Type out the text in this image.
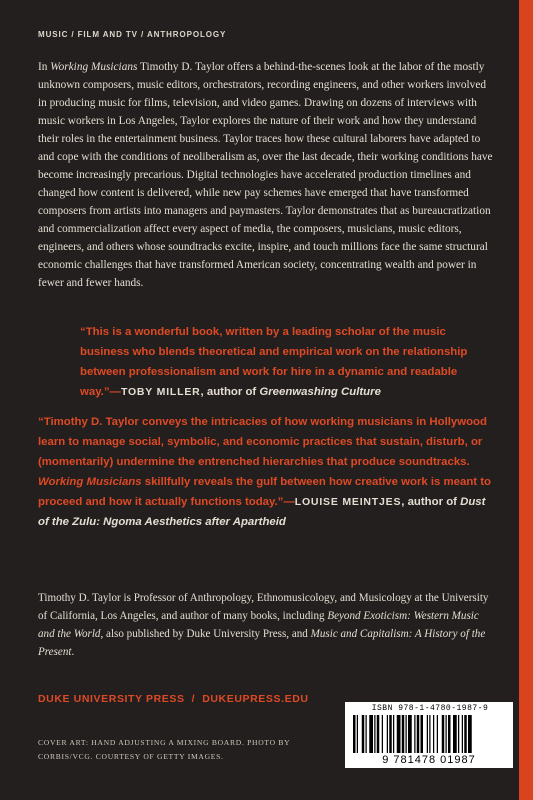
MUSIC / FILM AND TV / ANTHROPOLOGY

In Working Musicians Timothy D. Taylor offers a behind-the-scenes look at the labor of the mostly unknown composers, music editors, orchestrators, recording engineers, and other workers involved in producing music for films, television, and video games. Drawing on dozens of interviews with music workers in Los Angeles, Taylor explores the nature of their work and how they understand their roles in the entertainment business. Taylor traces how these cultural laborers have adapted to and cope with the conditions of neoliberalism as, over the last decade, their working conditions have become increasingly precarious. Digital technologies have accelerated production timelines and changed how content is delivered, while new pay schemes have emerged that have transformed composers from artists into managers and paymasters. Taylor demonstrates that as bureaucratization and commercialization affect every aspect of media, the composers, musicians, music editors, engineers, and others whose soundtracks excite, inspire, and touch millions face the same structural economic challenges that have transformed American society, concentrating wealth and power in fewer and fewer hands.

“This is a wonderful book, written by a leading scholar of the music business who blends theoretical and empirical work on the relationship between professionalism and work for hire in a dynamic and readable way.”—TOBY MILLER, author of Greenwashing Culture

“Timothy D. Taylor conveys the intricacies of how working musicians in Hollywood learn to manage social, symbolic, and economic practices that sustain, disturb, or (momentarily) undermine the entrenched hierarchies that produce soundtracks. Working Musicians skillfully reveals the gulf between how creative work is meant to proceed and how it actually functions today.”—LOUISE MEINTJES, author of Dust of the Zulu: Ngoma Aesthetics after Apartheid

Timothy D. Taylor is Professor of Anthropology, Ethnomusicology, and Musicology at the University of California, Los Angeles, and author of many books, including Beyond Exoticism: Western Music and the World, also published by Duke University Press, and Music and Capitalism: A History of the Present.

DUKE UNIVERSITY PRESS  /  DUKEUPRESS.EDU
COVER ART: HAND ADJUSTING A MIXING BOARD. PHOTO BY CORBIS/VCG. COURTESY OF GETTY IMAGES.
ISBN 978-1-4780-1987-9
9 781478 01987
